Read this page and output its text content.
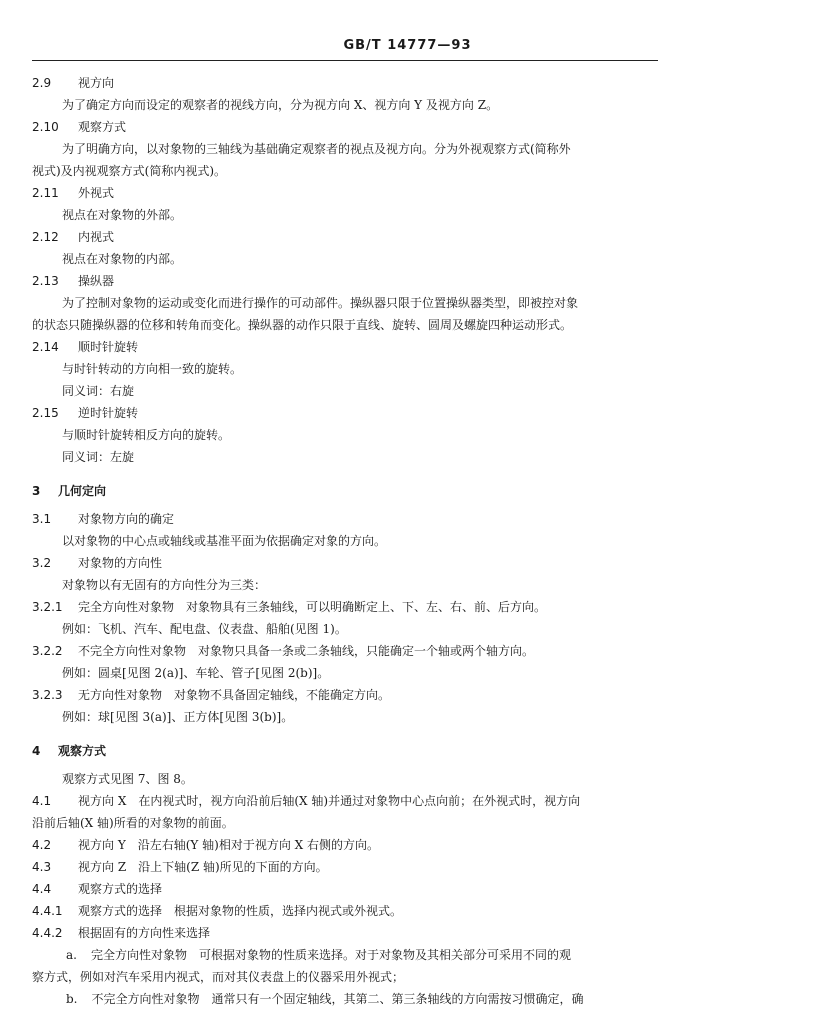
GB/T 14777—93
2.9 视方向
为了确定方向而设定的观察者的视线方向，分为视方向 X、视方向 Y 及视方向 Z。
2.10 观察方式
为了明确方向，以对象物的三轴线为基础确定观察者的视点及视方向。分为外视观察方式(简称外
视式)及内视观察方式(简称内视式)。
2.11 外视式
视点在对象物的外部。
2.12 内视式
视点在对象物的内部。
2.13 操纵器
为了控制对象物的运动或变化而进行操作的可动部件。操纵器只限于位置操纵器类型，即被控对象
的状态只随操纵器的位移和转角而变化。操纵器的动作只限于直线、旋转、圆周及螺旋四种运动形式。
2.14 顺时针旋转
与时针转动的方向相一致的旋转。
同义词：右旋
2.15 逆时针旋转
与顺时针旋转相反方向的旋转。
同义词：左旋
3 几何定向
3.1 对象物方向的确定
以对象物的中心点或轴线或基准平面为依据确定对象的方向。
3.2 对象物的方向性
对象物以有无固有的方向性分为三类：
3.2.1 完全方向性对象物　对象物具有三条轴线，可以明确断定上、下、左、右、前、后方向。
例如：飞机、汽车、配电盘、仪表盘、船舶(见图 1)。
3.2.2 不完全方向性对象物　对象物只具备一条或二条轴线，只能确定一个轴或两个轴方向。
例如：圆桌[见图 2(a)]、车轮、管子[见图 2(b)]。
3.2.3 无方向性对象物　对象物不具备固定轴线，不能确定方向。
例如：球[见图 3(a)]、正方体[见图 3(b)]。
4 观察方式
观察方式见图 7、图 8。
4.1 视方向 X　在内视式时，视方向沿前后轴(X 轴)并通过对象物中心点向前；在外视式时，视方向
沿前后轴(X 轴)所看的对象物的前面。
4.2 视方向 Y　沿左右轴(Y 轴)相对于视方向 X 右侧的方向。
4.3 视方向 Z　沿上下轴(Z 轴)所见的下面的方向。
4.4 观察方式的选择
4.4.1 观察方式的选择　根据对象物的性质，选择内视式或外视式。
4.4.2 根据固有的方向性来选择
a. 完全方向性对象物　可根据对象物的性质来选择。对于对象物及其相关部分可采用不同的观
察方式，例如对汽车采用内视式，而对其仪表盘上的仪器采用外视式；
b. 不完全方向性对象物　通常只有一个固定轴线，其第二、第三条轴线的方向需按习惯确定，确
